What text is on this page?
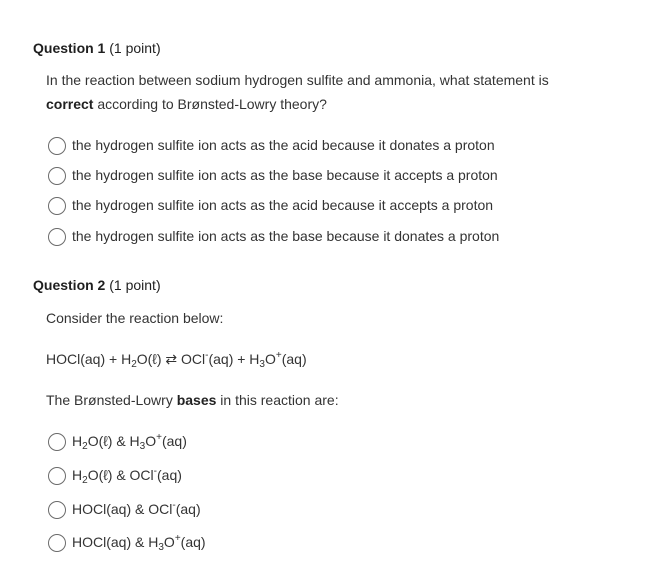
Question 1 (1 point)
In the reaction between sodium hydrogen sulfite and ammonia, what statement is
correct according to Brønsted-Lowry theory?
the hydrogen sulfite ion acts as the acid because it donates a proton
the hydrogen sulfite ion acts as the base because it accepts a proton
the hydrogen sulfite ion acts as the acid because it accepts a proton
the hydrogen sulfite ion acts as the base because it donates a proton
Question 2 (1 point)
Consider the reaction below:
HOCl(aq) + $H_2O(\ell)$ ⇄ $OCl^-(aq) + H_3O^+(aq)$
The Brønsted-Lowry bases in this reaction are:
$H_2O(\ell)$ & $H_3O^+(aq)$
$H_2O(\ell)$ & OCl-(aq)
HOCl(aq) & OCl-(aq)
HOCl(aq) & $H_3O^+(aq)$
